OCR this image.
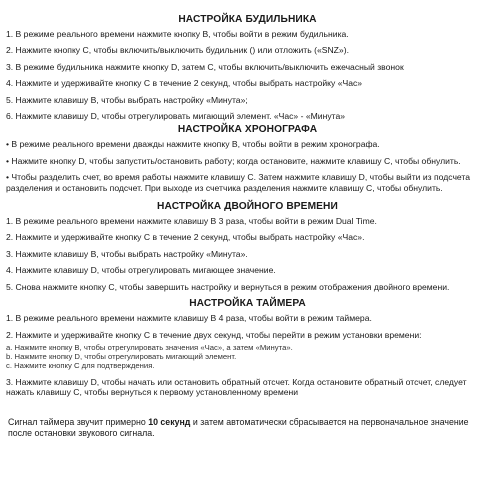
НАСТРОЙКА БУДИЛЬНИКА
1. В режиме реального времени нажмите кнопку В, чтобы войти в режим будильника.
2. Нажмите кнопку С, чтобы включить/выключить будильник () или отложить («SNZ»).
3. В режиме будильника нажмите кнопку D, затем С, чтобы включить/выключить ежечасный звонок
4. Нажмите и удерживайте кнопку С в течение 2 секунд, чтобы выбрать настройку «Час»
5. Нажмите клавишу В, чтобы выбрать настройку «Минута»;
6. Нажмите клавишу D, чтобы отрегулировать мигающий элемент. «Час» - «Минута»
НАСТРОЙКА ХРОНОГРАФА
• В режиме реального времени дважды нажмите кнопку В, чтобы войти в режим хронографа.
• Нажмите кнопку D, чтобы запустить/остановить работу; когда остановите, нажмите клавишу С, чтобы обнулить.
• Чтобы разделить счет, во время работы нажмите клавишу С. Затем нажмите клавишу D, чтобы выйти из подсчета разделения и остановить подсчет. При выходе из счетчика разделения нажмите клавишу С, чтобы обнулить.
НАСТРОЙКА ДВОЙНОГО ВРЕМЕНИ
1. В режиме реального времени нажмите клавишу В 3 раза, чтобы войти в режим Dual Time.
2. Нажмите и удерживайте кнопку С в течение 2 секунд, чтобы выбрать настройку «Час».
3. Нажмите клавишу В, чтобы выбрать настройку «Минута».
4. Нажмите клавишу D, чтобы отрегулировать мигающее значение.
5. Снова нажмите кнопку С, чтобы завершить настройку и вернуться в режим отображения двойного времени.
НАСТРОЙКА ТАЙМЕРА
1. В режиме реального времени нажмите клавишу В 4 раза, чтобы войти в режим таймера.
2. Нажмите и удерживайте кнопку С в течение двух секунд, чтобы перейти в режим установки времени:
a. Нажмите кнопку В, чтобы отрегулировать значения «Час», а затем «Минута».
b. Нажмите кнопку D, чтобы отрегулировать мигающий элемент.
c. Нажмите кнопку С для подтверждения.
3. Нажмите клавишу D, чтобы начать или остановить обратный отсчет. Когда остановите обратный отсчет, следует нажать клавишу С, чтобы вернуться к первому установленному времени
Сигнал таймера звучит примерно 10 секунд и затем автоматически сбрасывается на первоначальное значение после остановки звукового сигнала.
